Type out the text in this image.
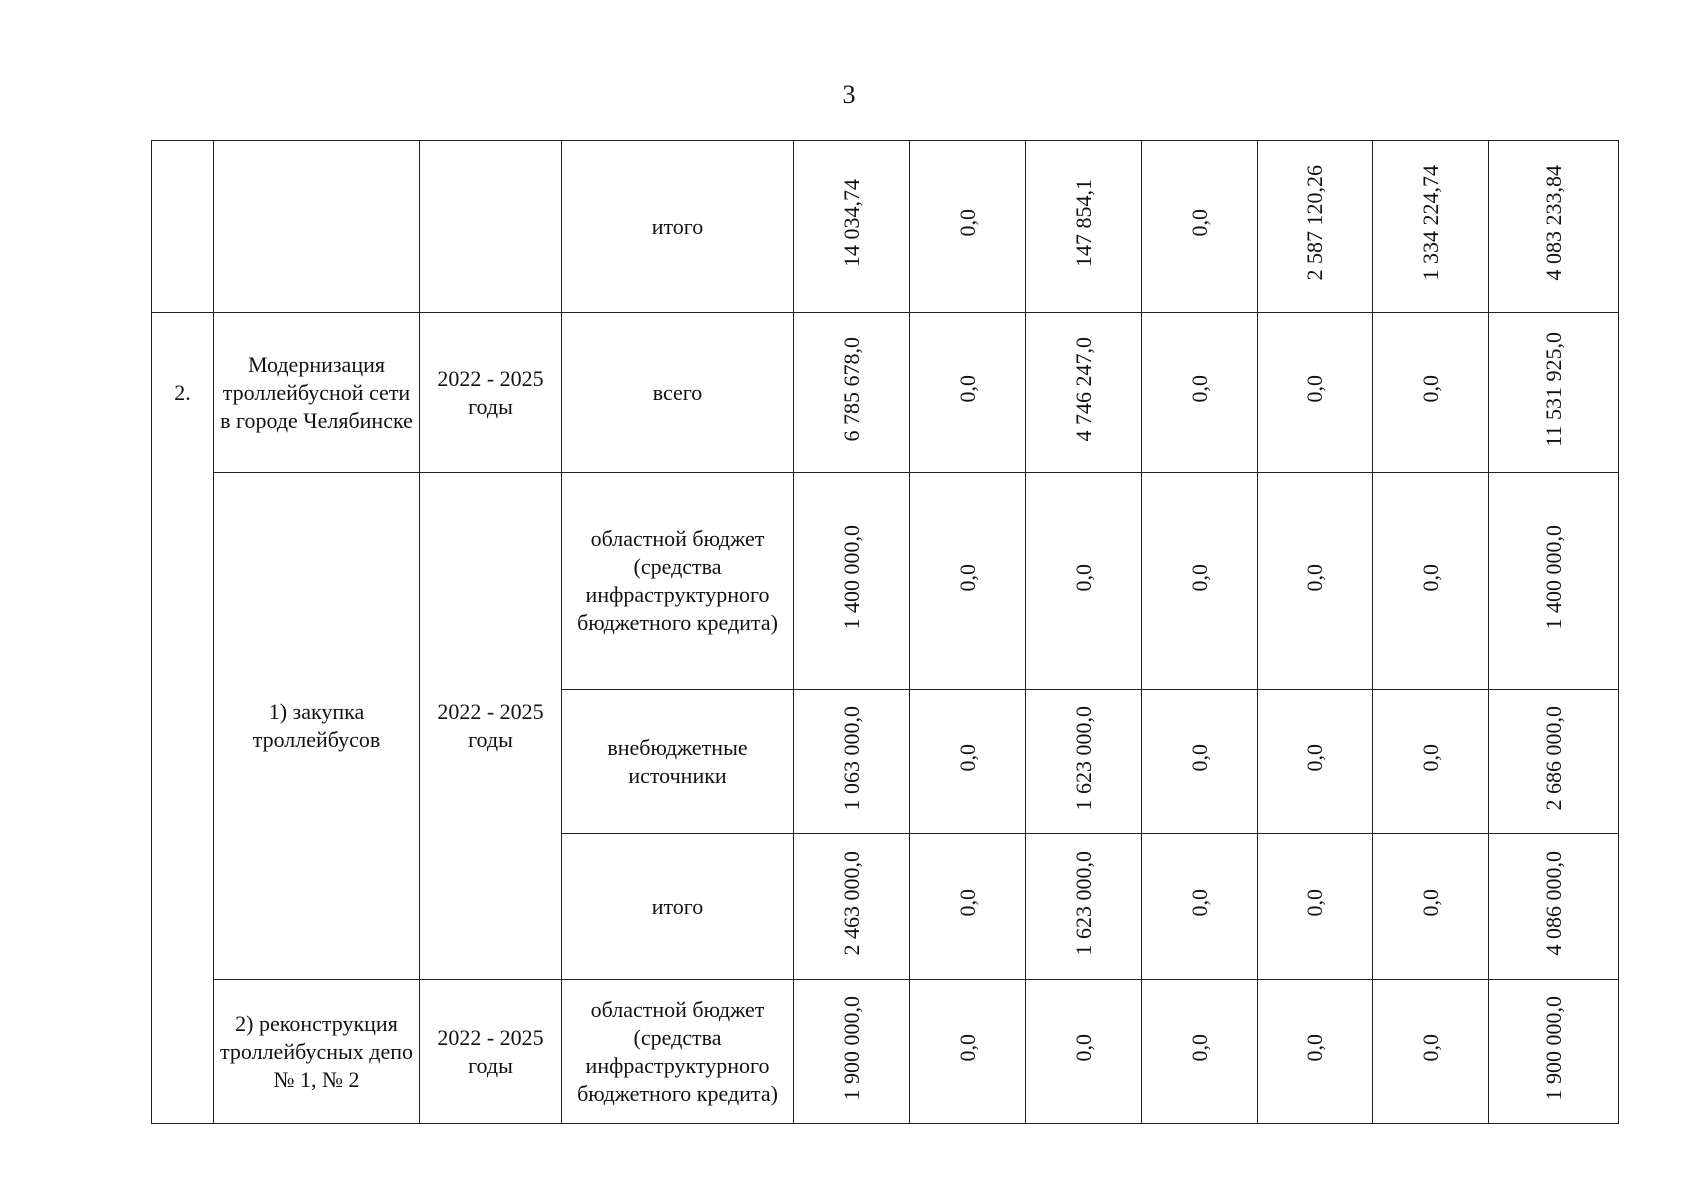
3

			итого	14 034,74	0,0	147 854,1	0,0	2 587 120,26	1 334 224,74	4 083 233,84

2.	Модернизация троллейбусной сети в городе Челябинске	2022 - 2025 годы	всего	6 785 678,0	0,0	4 746 247,0	0,0	0,0	0,0	11 531 925,0

	1) закупка троллейбусов	2022 - 2025 годы	областной бюджет (средства инфраструктурного бюджетного кредита)	1 400 000,0	0,0	0,0	0,0	0,0	0,0	1 400 000,0

			внебюджетные источники	1 063 000,0	0,0	1 623 000,0	0,0	0,0	0,0	2 686 000,0

			итого	2 463 000,0	0,0	1 623 000,0	0,0	0,0	0,0	4 086 000,0

	2) реконструкция троллейбусных депо № 1, № 2	2022 - 2025 годы	областной бюджет (средства инфраструктурного бюджетного кредита)	1 900 000,0	0,0	0,0	0,0	0,0	0,0	1 900 000,0
